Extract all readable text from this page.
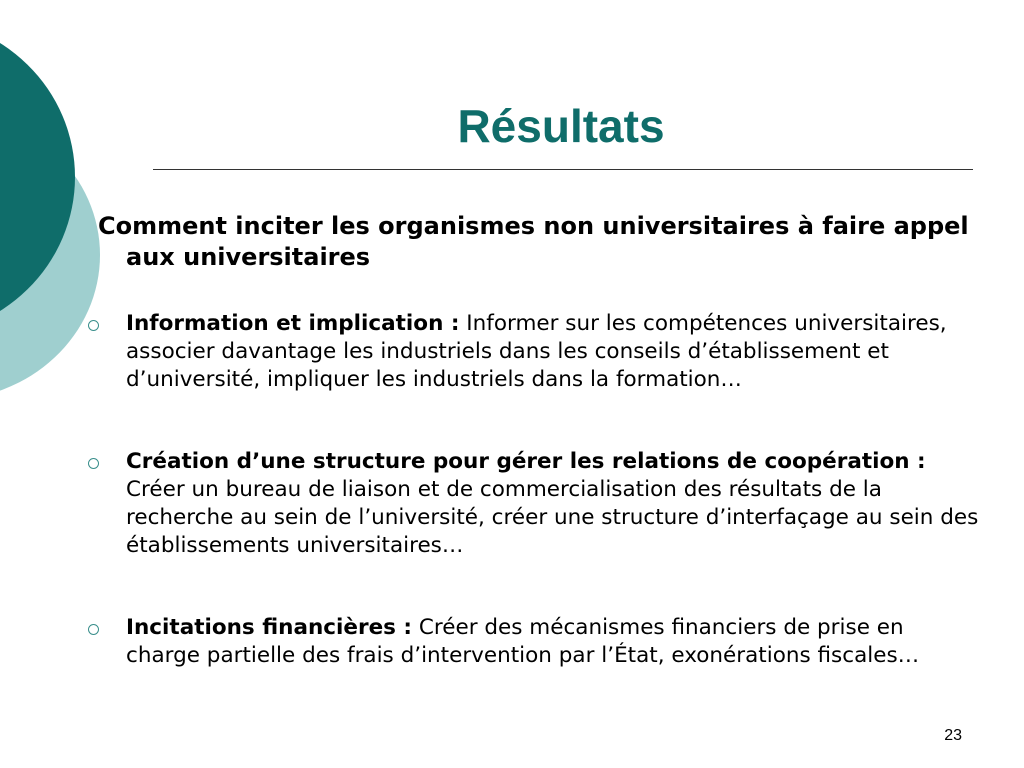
Résultats

Comment inciter les organismes non universitaires à faire appel aux universitaires

Information et implication : Informer sur les compétences universitaires, associer davantage les industriels dans les conseils d’établissement et d’université, impliquer les industriels dans la formation…
Création d’une structure pour gérer les relations de coopération : Créer un bureau de liaison et de commercialisation des résultats de la recherche au sein de l’université, créer une structure d’interfaçage au sein des établissements universitaires…
Incitations financières : Créer des mécanismes financiers de prise en charge partielle des frais d’intervention par l’État, exonérations fiscales…
23
